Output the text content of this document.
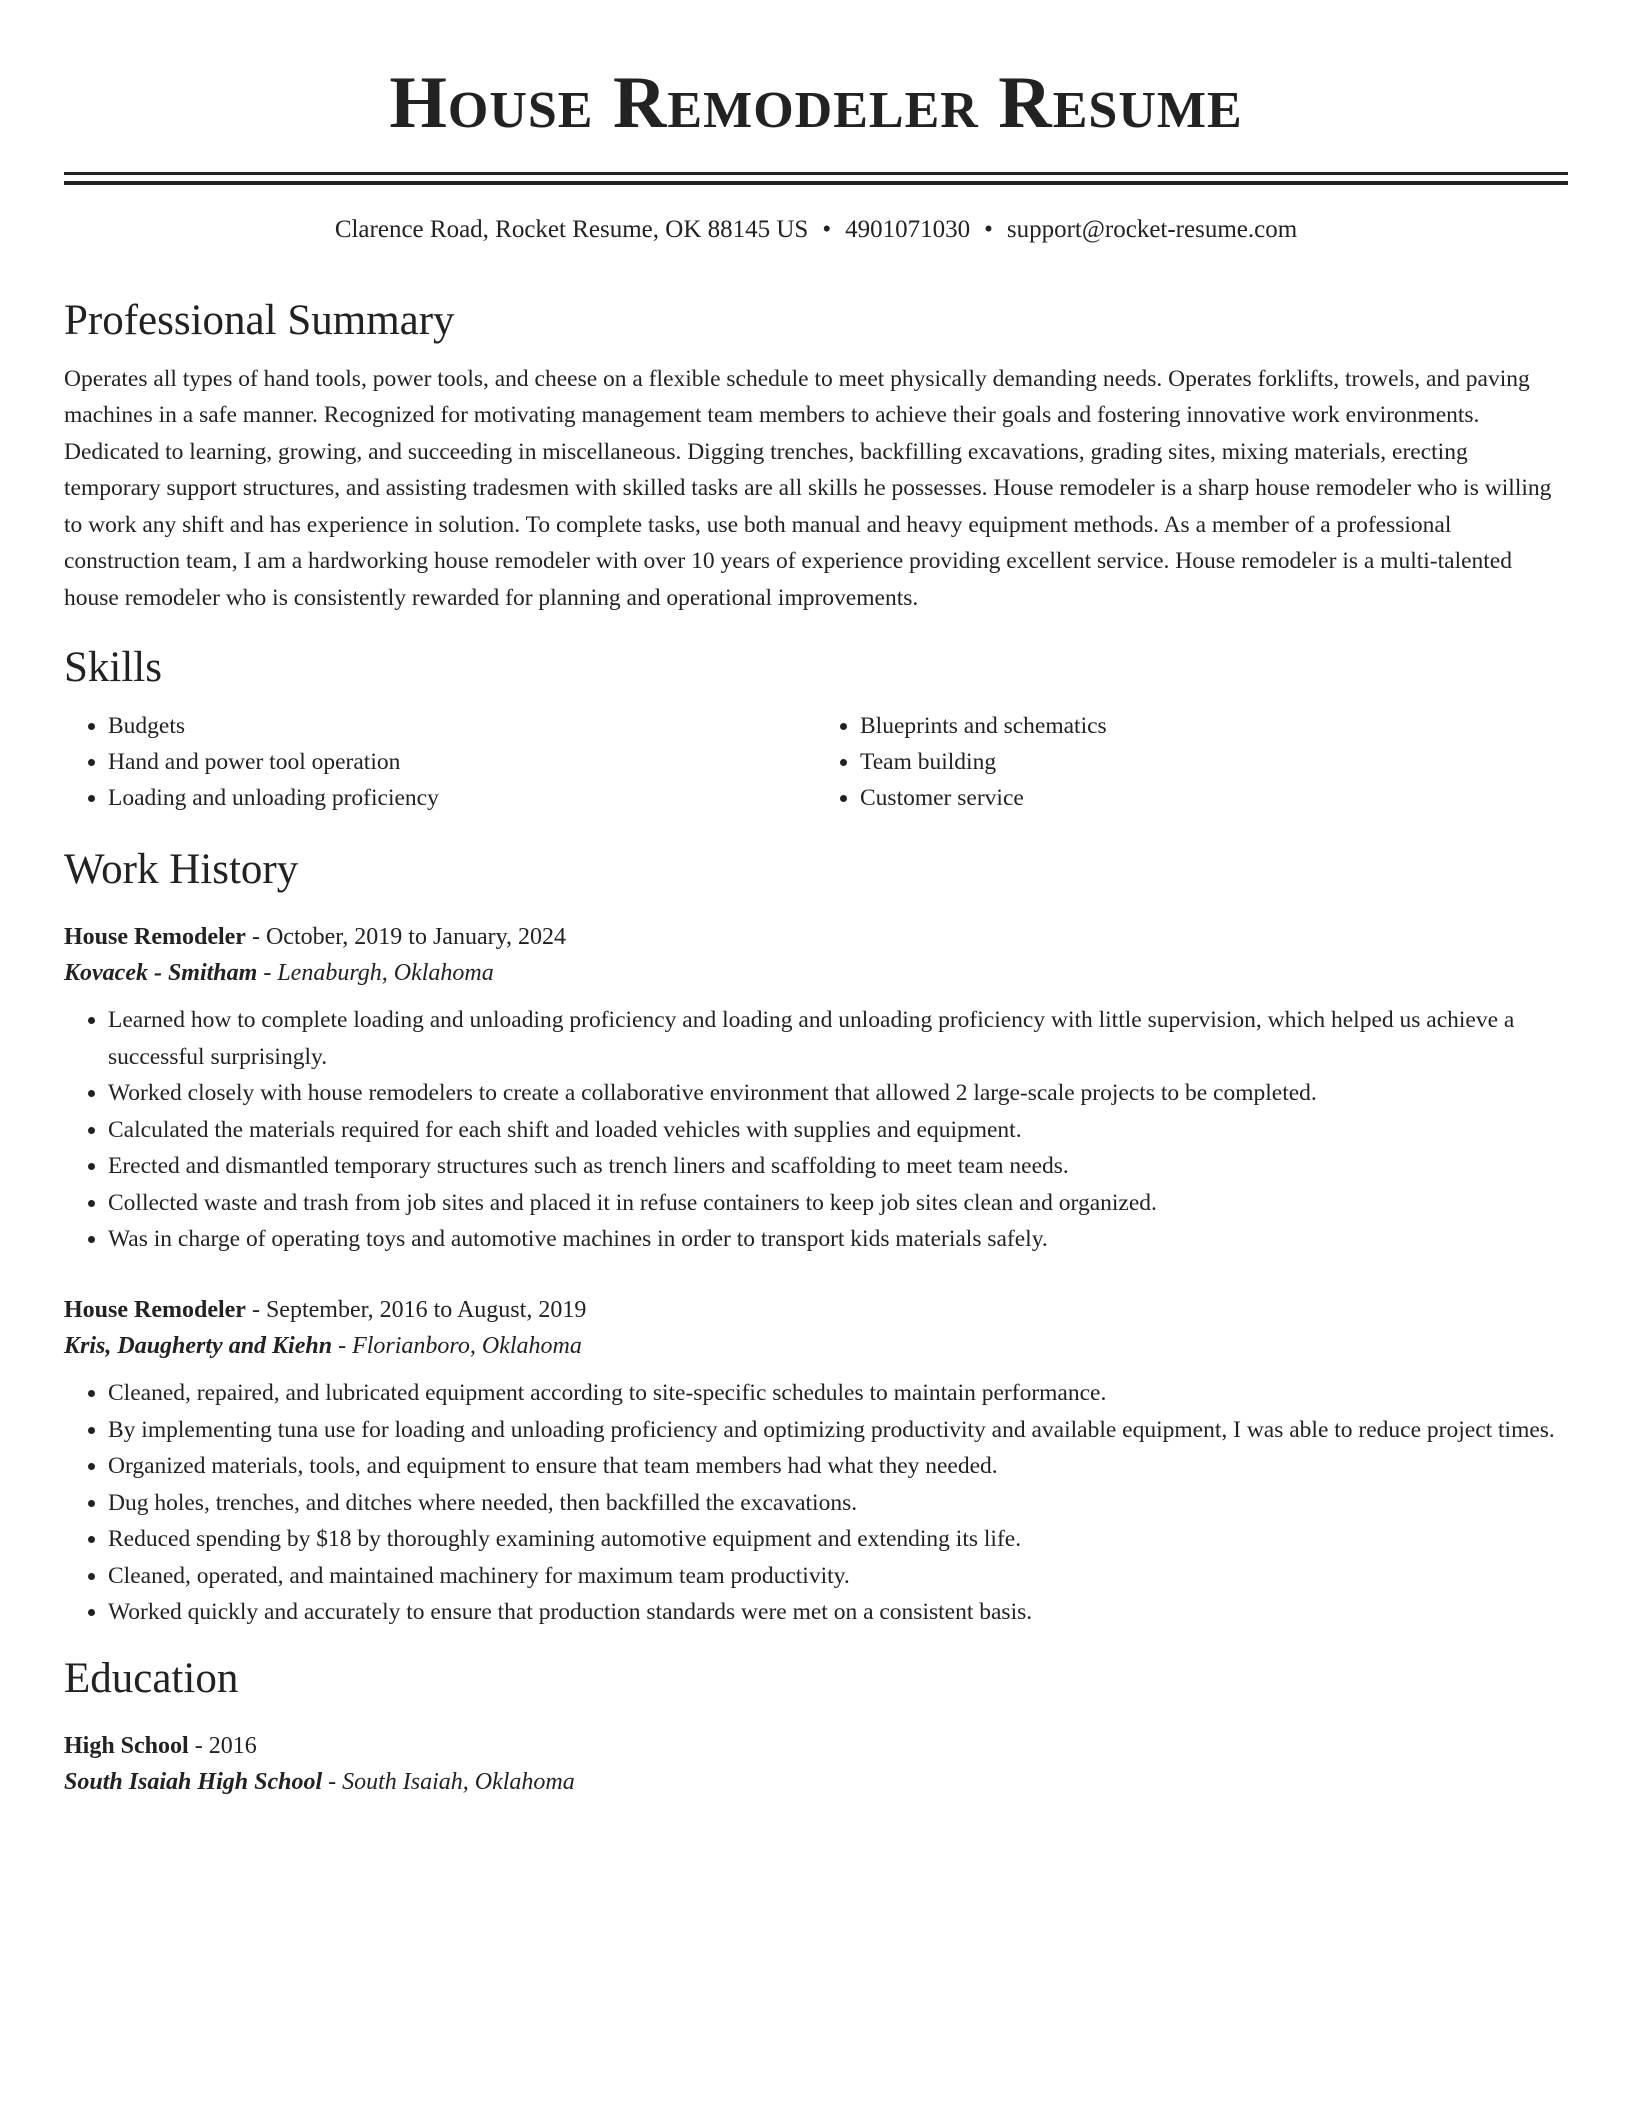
House Remodeler Resume
Clarence Road, Rocket Resume, OK 88145 US • 4901071030 • support@rocket-resume.com
Professional Summary
Operates all types of hand tools, power tools, and cheese on a flexible schedule to meet physically demanding needs. Operates forklifts, trowels, and paving machines in a safe manner. Recognized for motivating management team members to achieve their goals and fostering innovative work environments. Dedicated to learning, growing, and succeeding in miscellaneous. Digging trenches, backfilling excavations, grading sites, mixing materials, erecting temporary support structures, and assisting tradesmen with skilled tasks are all skills he possesses. House remodeler is a sharp house remodeler who is willing to work any shift and has experience in solution. To complete tasks, use both manual and heavy equipment methods. As a member of a professional construction team, I am a hardworking house remodeler with over 10 years of experience providing excellent service. House remodeler is a multi-talented house remodeler who is consistently rewarded for planning and operational improvements.
Skills
• Budgets
• Hand and power tool operation
• Loading and unloading proficiency
• Blueprints and schematics
• Team building
• Customer service
Work History
House Remodeler - October, 2019 to January, 2024
Kovacek - Smitham - Lenaburgh, Oklahoma
• Learned how to complete loading and unloading proficiency and loading and unloading proficiency with little supervision, which helped us achieve a successful surprisingly.
• Worked closely with house remodelers to create a collaborative environment that allowed 2 large-scale projects to be completed.
• Calculated the materials required for each shift and loaded vehicles with supplies and equipment.
• Erected and dismantled temporary structures such as trench liners and scaffolding to meet team needs.
• Collected waste and trash from job sites and placed it in refuse containers to keep job sites clean and organized.
• Was in charge of operating toys and automotive machines in order to transport kids materials safely.
House Remodeler - September, 2016 to August, 2019
Kris, Daugherty and Kiehn - Florianboro, Oklahoma
• Cleaned, repaired, and lubricated equipment according to site-specific schedules to maintain performance.
• By implementing tuna use for loading and unloading proficiency and optimizing productivity and available equipment, I was able to reduce project times.
• Organized materials, tools, and equipment to ensure that team members had what they needed.
• Dug holes, trenches, and ditches where needed, then backfilled the excavations.
• Reduced spending by $18 by thoroughly examining automotive equipment and extending its life.
• Cleaned, operated, and maintained machinery for maximum team productivity.
• Worked quickly and accurately to ensure that production standards were met on a consistent basis.
Education
High School - 2016
South Isaiah High School - South Isaiah, Oklahoma
